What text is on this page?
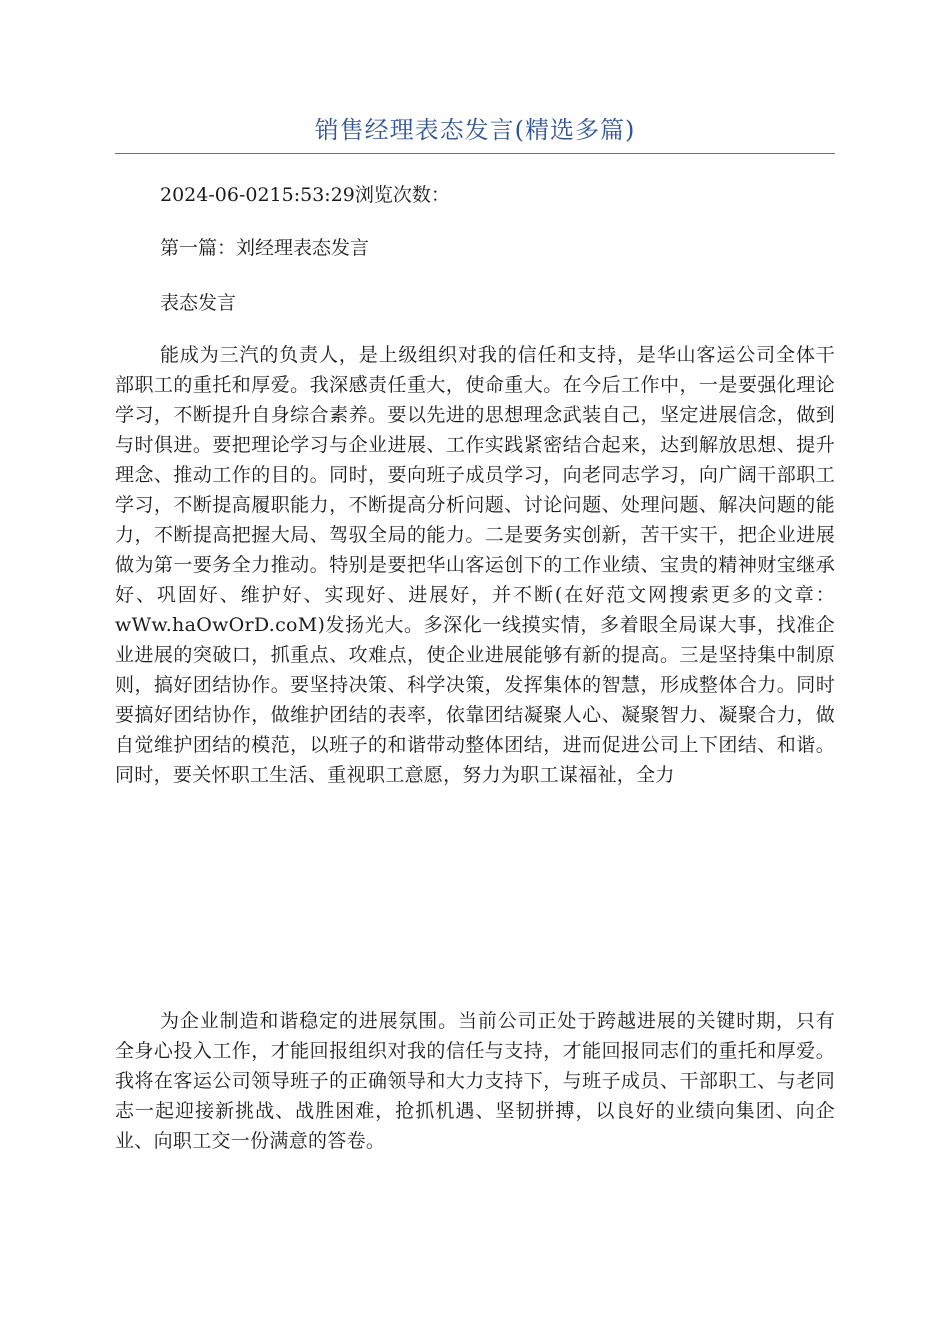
销售经理表态发言(精选多篇)
2024-06-0215:53:29浏览次数：
第一篇：刘经理表态发言
表态发言
能成为三汽的负责人，是上级组织对我的信任和支持，是华山客运公司全体干部职工的重托和厚爱。我深感责任重大，使命重大。在今后工作中，一是要强化理论学习，不断提升自身综合素养。要以先进的思想理念武装自己，坚定进展信念，做到与时俱进。要把理论学习与企业进展、工作实践紧密结合起来，达到解放思想、提升理念、推动工作的目的。同时，要向班子成员学习，向老同志学习，向广阔干部职工学习，不断提高履职能力，不断提高分析问题、讨论问题、处理问题、解决问题的能力，不断提高把握大局、驾驭全局的能力。二是要务实创新，苦干实干，把企业进展做为第一要务全力推动。特别是要把华山客运创下的工作业绩、宝贵的精神财宝继承好、巩固好、维护好、实现好、进展好，并不断(在好范文网搜索更多的文章：wWw.haOwOrD.coM)发扬光大。多深化一线摸实情，多着眼全局谋大事，找准企业进展的突破口，抓重点、攻难点，使企业进展能够有新的提高。三是坚持集中制原则，搞好团结协作。要坚持决策、科学决策，发挥集体的智慧，形成整体合力。同时要搞好团结协作，做维护团结的表率，依靠团结凝聚人心、凝聚智力、凝聚合力，做自觉维护团结的模范，以班子的和谐带动整体团结，进而促进公司上下团结、和谐。同时，要关怀职工生活、重视职工意愿，努力为职工谋福祉，全力
为企业制造和谐稳定的进展氛围。当前公司正处于跨越进展的关键时期，只有全身心投入工作，才能回报组织对我的信任与支持，才能回报同志们的重托和厚爱。我将在客运公司领导班子的正确领导和大力支持下，与班子成员、干部职工、与老同志一起迎接新挑战、战胜困难，抢抓机遇、坚韧拼搏，以良好的业绩向集团、向企业、向职工交一份满意的答卷。
